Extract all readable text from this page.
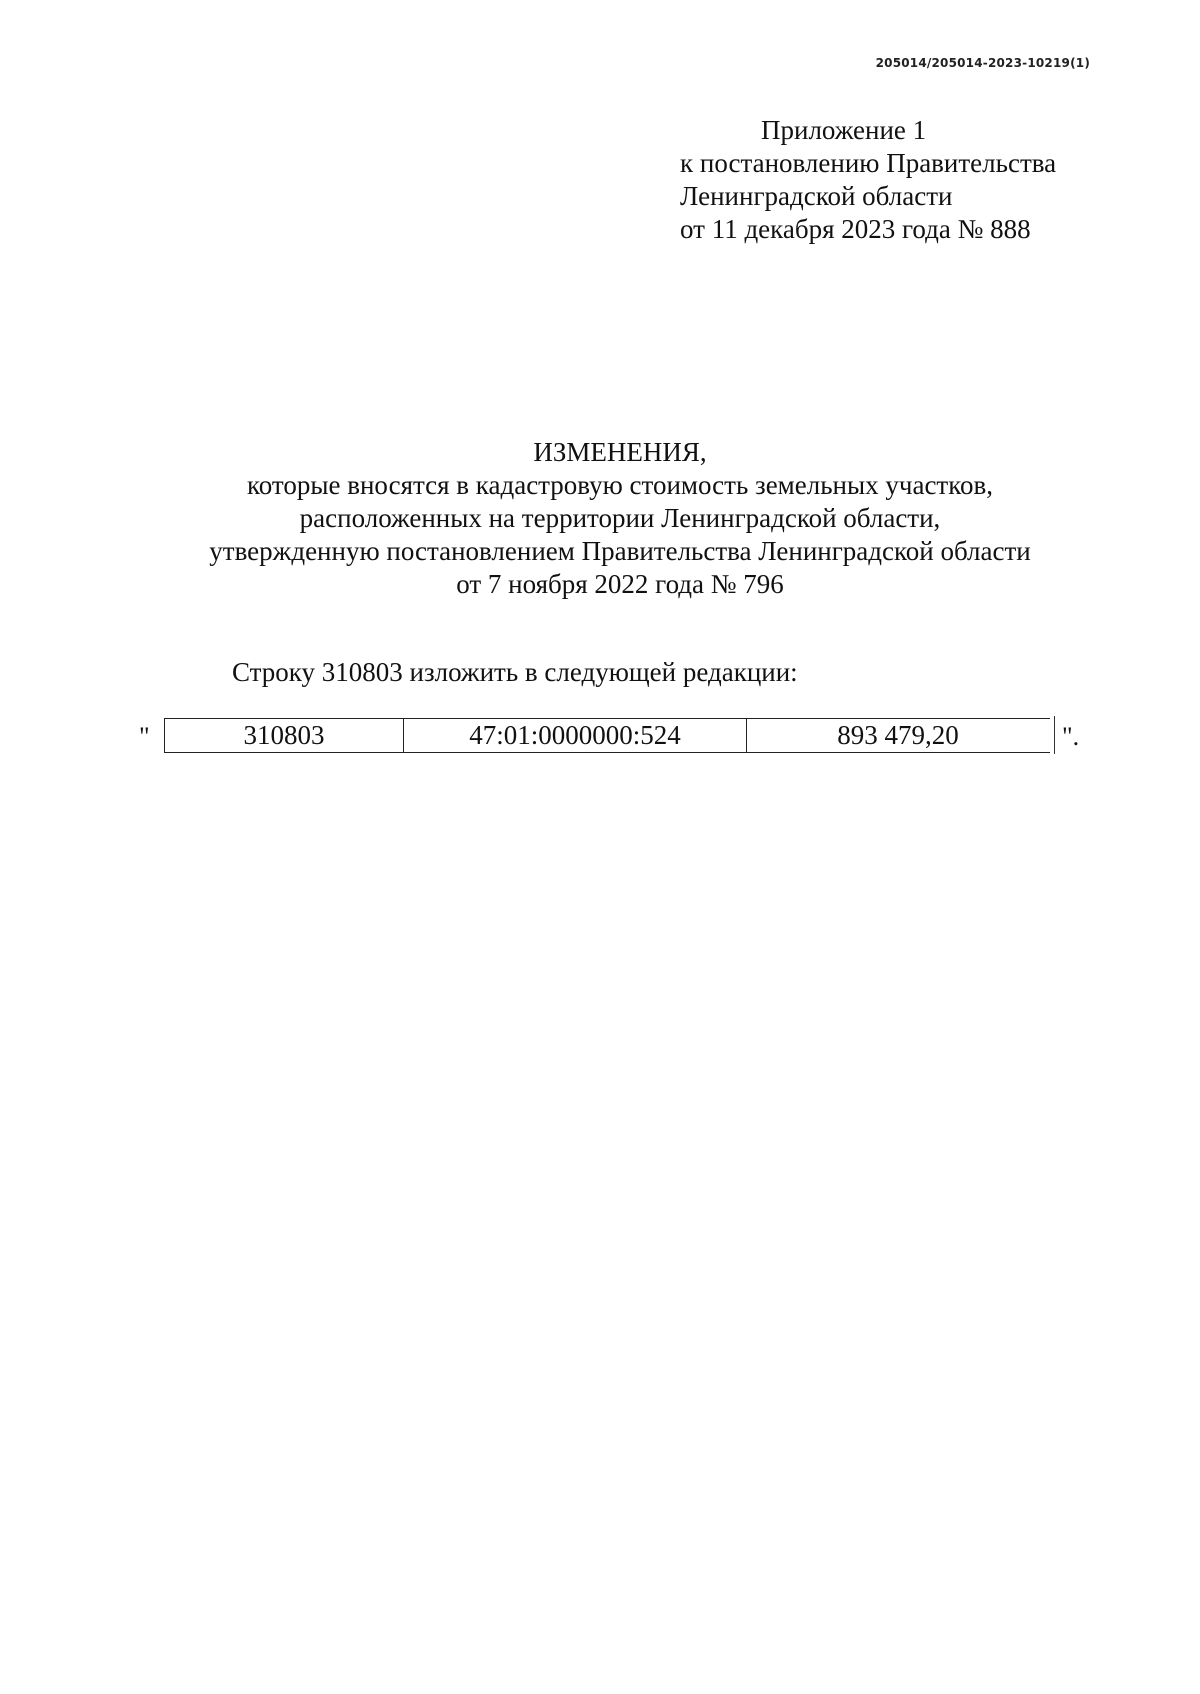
205014/205014-2023-10219(1)
Приложение 1
к постановлению Правительства
Ленинградской области
от 11 декабря 2023 года № 888
ИЗМЕНЕНИЯ,
которые вносятся в кадастровую стоимость земельных участков,
расположенных на территории Ленинградской области,
утвержденную постановлением Правительства Ленинградской области
от 7 ноября 2022 года № 796
Строку 310803 изложить в следующей редакции:
"	310803	47:01:0000000:524	893 479,20	".
